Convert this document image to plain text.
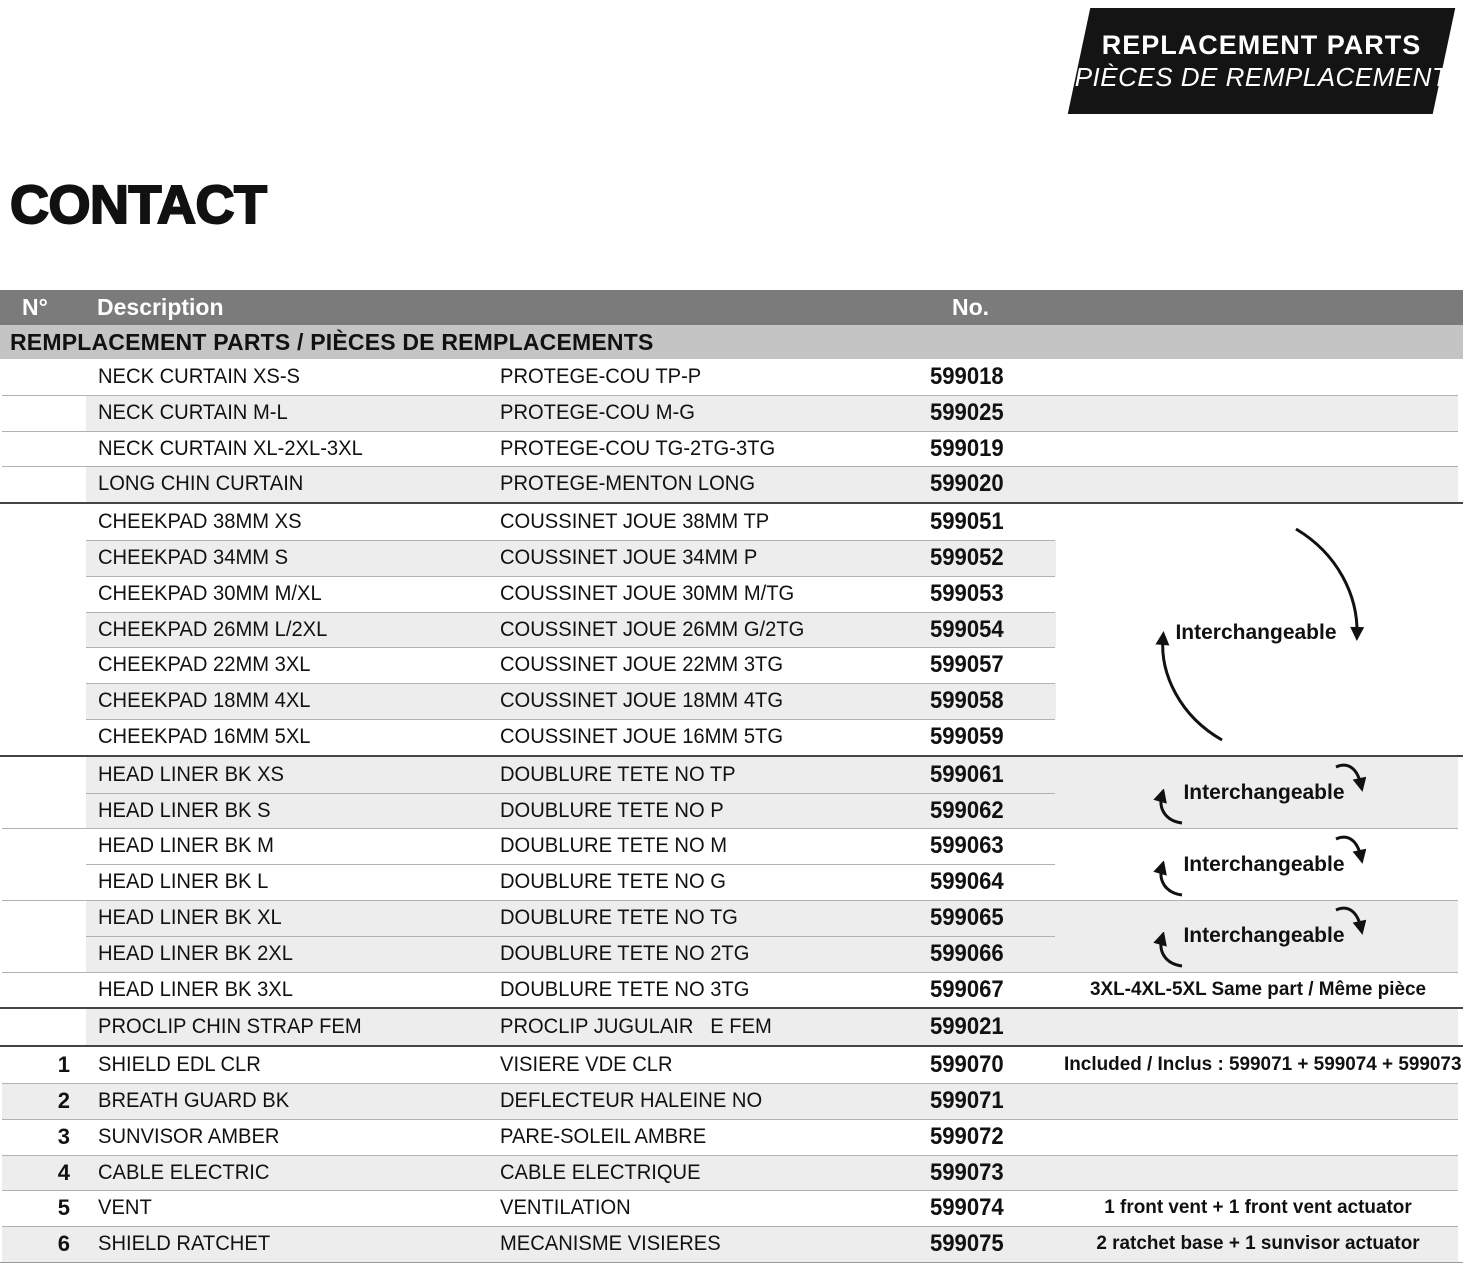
REPLACEMENT PARTS
PIÈCES DE REMPLACEMENT
CONTACT
N° Description	No.
REMPLACEMENT PARTS / PIÈCES DE REMPLACEMENTS
NECK CURTAIN XS-S	PROTEGE-COU TP-P	599018
NECK CURTAIN M-L	PROTEGE-COU M-G	599025
NECK CURTAIN XL-2XL-3XL	PROTEGE-COU TG-2TG-3TG	599019
LONG CHIN CURTAIN	PROTEGE-MENTON LONG	599020
CHEEKPAD 38MM XS	COUSSINET JOUE 38MM TP	599051
CHEEKPAD 34MM S	COUSSINET JOUE 34MM P	599052
CHEEKPAD 30MM M/XL	COUSSINET JOUE 30MM M/TG	599053
CHEEKPAD 26MM L/2XL	COUSSINET JOUE 26MM G/2TG	599054
CHEEKPAD 22MM 3XL	COUSSINET JOUE 22MM 3TG	599057
CHEEKPAD 18MM 4XL	COUSSINET JOUE 18MM 4TG	599058
CHEEKPAD 16MM 5XL	COUSSINET JOUE 16MM 5TG	599059
HEAD LINER BK XS	DOUBLURE TETE NO TP	599061
HEAD LINER BK S	DOUBLURE TETE NO P	599062
HEAD LINER BK M	DOUBLURE TETE NO M	599063
HEAD LINER BK L	DOUBLURE TETE NO G	599064
HEAD LINER BK XL	DOUBLURE TETE NO TG	599065
HEAD LINER BK 2XL	DOUBLURE TETE NO 2TG	599066
HEAD LINER BK 3XL	DOUBLURE TETE NO 3TG	599067	3XL-4XL-5XL Same part / Même pièce
PROCLIP CHIN STRAP FEM	PROCLIP JUGULAIR   E FEM	599021
1 SHIELD EDL CLR	VISIERE VDE CLR	599070	Included / Inclus : 599071 + 599074 + 599073
2 BREATH GUARD BK	DEFLECTEUR HALEINE NO	599071
3 SUNVISOR AMBER	PARE-SOLEIL AMBRE	599072
4 CABLE ELECTRIC	CABLE ELECTRIQUE	599073
5 VENT	VENTILATION	599074	1 front vent + 1 front vent actuator
6 SHIELD RATCHET	MECANISME VISIERES	599075	2 ratchet base + 1 sunvisor actuator
Interchangeable
Interchangeable
Interchangeable
Interchangeable
